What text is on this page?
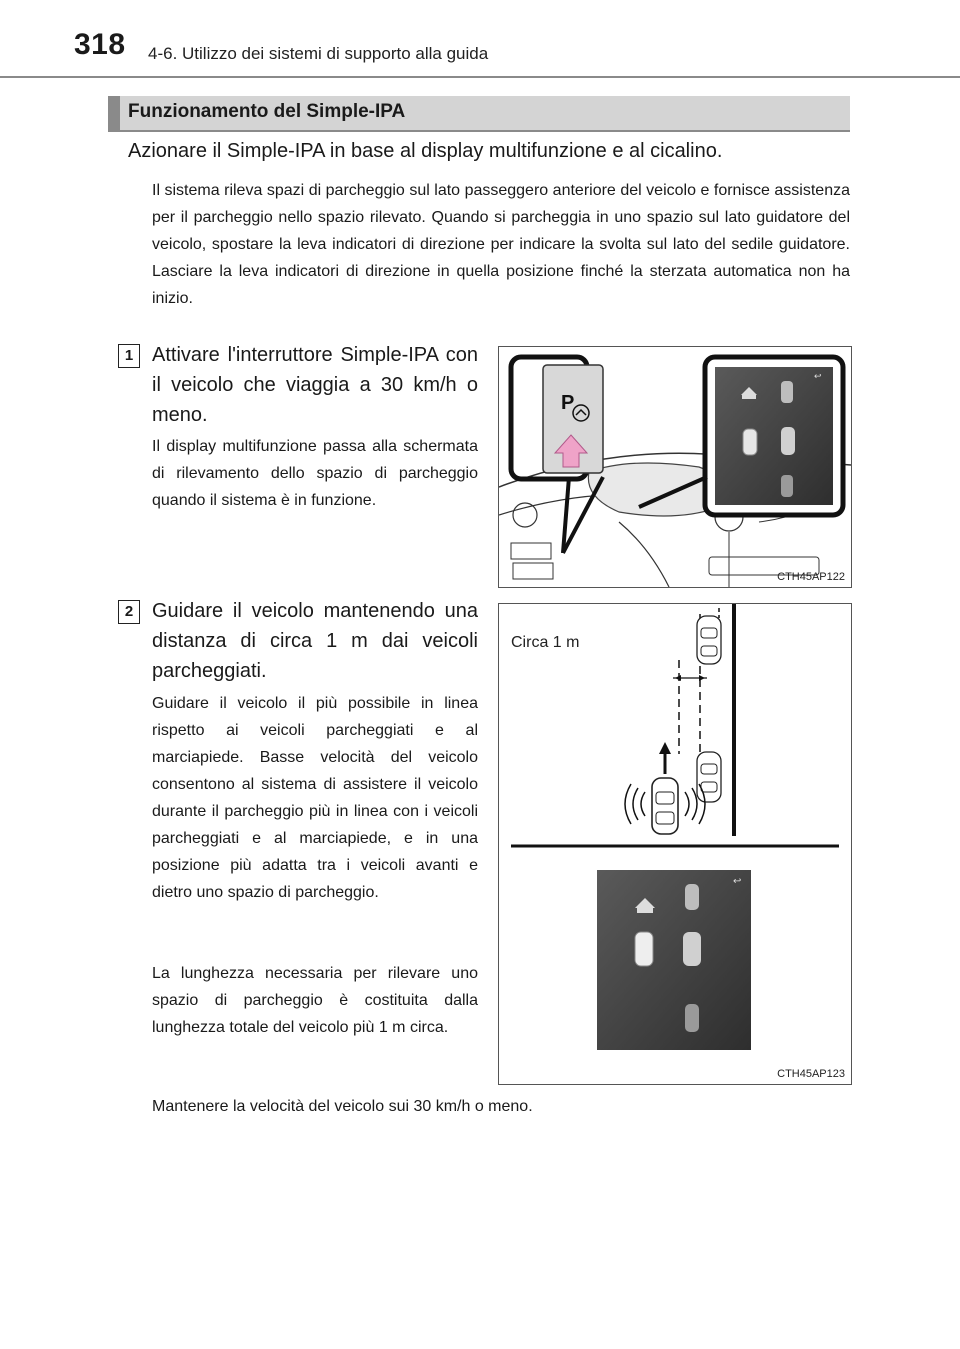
318 4-6. Utilizzo dei sistemi di supporto alla guida
Funzionamento del Simple-IPA
Azionare il Simple-IPA in base al display multifunzione e al cicalino.
Il sistema rileva spazi di parcheggio sul lato passeggero anteriore del veicolo e fornisce assistenza per il parcheggio nello spazio rilevato. Quando si parcheggia in uno spazio sul lato guidatore del veicolo, spostare la leva indicatori di direzione per indicare la svolta sul lato del sedile guidatore. Lasciare la leva indicatori di direzione in quella posizione finché la sterzata automatica non ha inizio.
1 Attivare l'interruttore Simple-IPA con il veicolo che viaggia a 30 km/h o meno.
Il display multifunzione passa alla schermata di rilevamento dello spazio di parcheggio quando il sistema è in funzione.
P
↩
CTH45AP122
2 Guidare il veicolo mantenendo una distanza di circa 1 m dai veicoli parcheggiati.
Guidare il veicolo il più possibile in linea rispetto ai veicoli parcheggiati e al marciapiede. Basse velocità del veicolo consentono al sistema di assistere il veicolo durante il parcheggio più in linea con i veicoli parcheggiati e al marciapiede, e in una posizione più adatta tra i veicoli avanti e dietro uno spazio di parcheggio.
La lunghezza necessaria per rilevare uno spazio di parcheggio è costituita dalla lunghezza totale del veicolo più 1 m circa.
Mantenere la velocità del veicolo sui 30 km/h o meno.
Circa 1 m
↩
CTH45AP123
